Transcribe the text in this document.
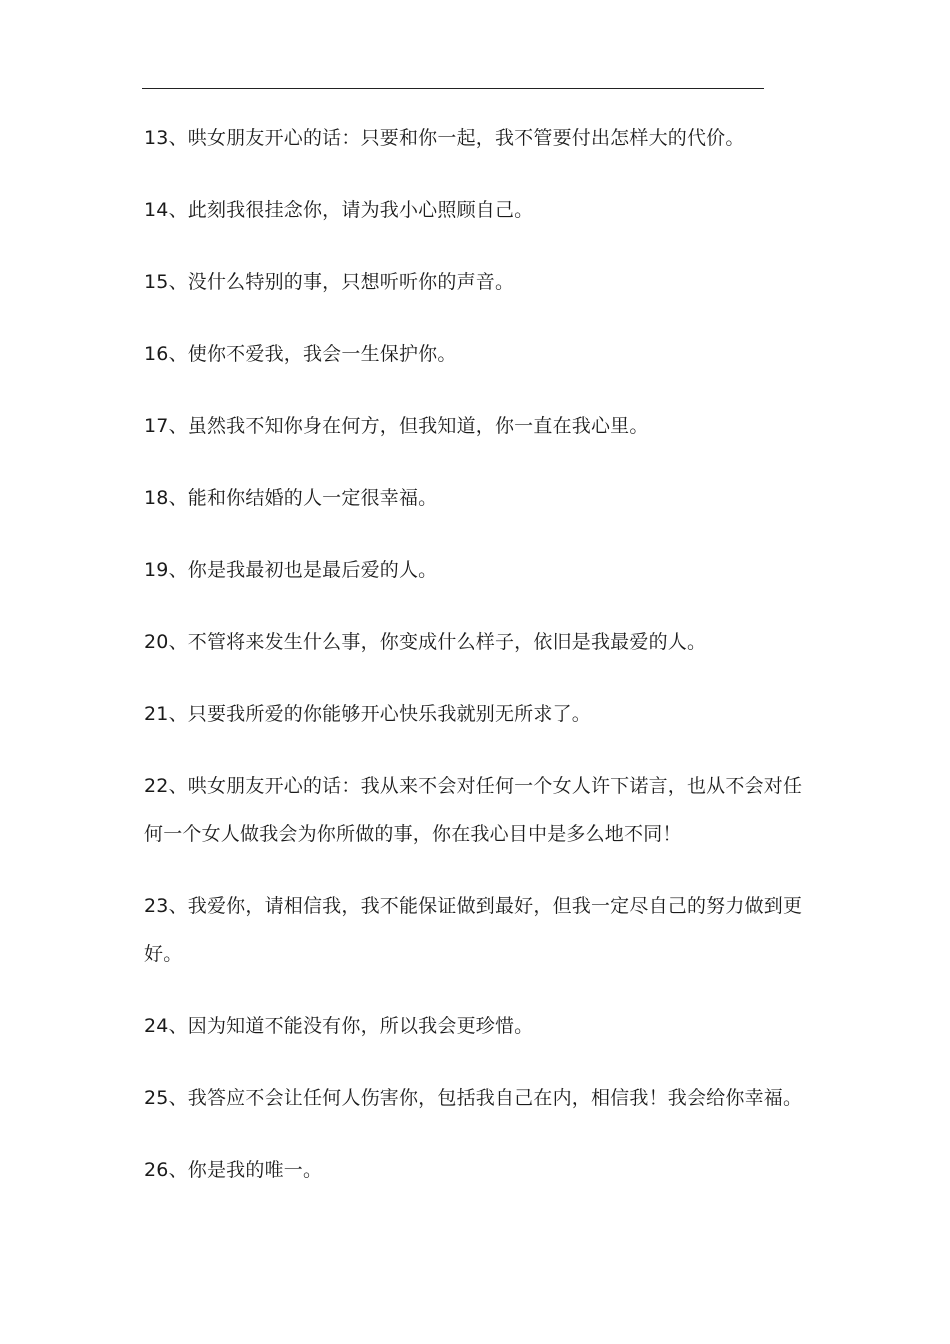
13、哄女朋友开心的话：只要和你一起，我不管要付出怎样大的代价。

14、此刻我很挂念你，请为我小心照顾自己。

15、没什么特别的事，只想听听你的声音。

16、使你不爱我，我会一生保护你。

17、虽然我不知你身在何方，但我知道，你一直在我心里。

18、能和你结婚的人一定很幸福。

19、你是我最初也是最后爱的人。

20、不管将来发生什么事，你变成什么样子，依旧是我最爱的人。

21、只要我所爱的你能够开心快乐我就别无所求了。

22、哄女朋友开心的话：我从来不会对任何一个女人许下诺言，也从不会对任何一个女人做我会为你所做的事，你在我心目中是多么地不同！

23、我爱你，请相信我，我不能保证做到最好，但我一定尽自己的努力做到更好。

24、因为知道不能没有你，所以我会更珍惜。

25、我答应不会让任何人伤害你，包括我自己在内，相信我！我会给你幸福。

26、你是我的唯一。
